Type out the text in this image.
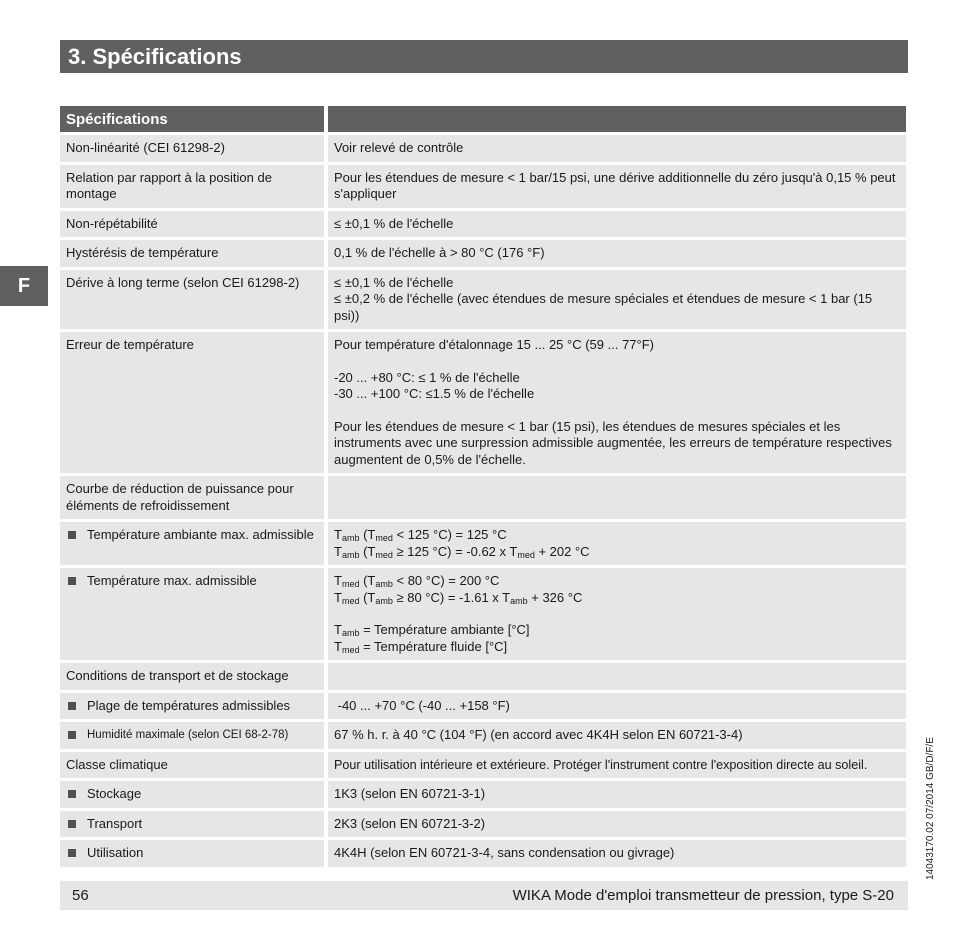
3. Spécifications
F
Spécifications	
Non-linéarité (CEI 61298-2)	Voir relevé de contrôle
Relation par rapport à la position de montage	Pour les étendues de mesure < 1 bar/15 psi, une dérive additionnelle du zéro jusqu'à 0,15 % peut s'appliquer
Non-répétabilité	≤ ±0,1 % de l'échelle
Hystérésis de température	0,1 % de l'échelle à > 80 °C (176 °F)
Dérive à long terme (selon CEI 61298-2)	≤ ±0,1 % de l'échelle
≤ ±0,2 % de l'échelle (avec étendues de mesure spéciales et étendues de mesure < 1 bar (15 psi))

Erreur de température	Pour température d'étalonnage 15 ... 25 °C (59 ... 77°F)
-20 ... +80 °C: ≤ 1 % de l'échelle
-30 ... +100 °C: ≤1.5 % de l'échelle
Pour les étendues de mesure < 1 bar (15 psi), les étendues de mesures spéciales et les instruments avec une surpression admissible augmentée, les erreurs de température respectives augmentent de 0,5% de l'échelle.

Courbe de réduction de puissance pour éléments de refroidissement	

Température ambiante max. admissible	$T_{amb}$ ($T_{med} < 125$ °C) = 125 °C
$T_{amb}$ ($T_{med} \ge 125$ °C) = -0.62 x $T_{med} + 202$ °C

Température max. admissible	$T_{med}$ ($T_{amb} < 80$ °C) = 200 °C
$T_{med}$ ($T_{amb} \ge 80$ °C) = -1.61 x $T_{amb} + 326$ °C
$T_{amb}$ = Température ambiante [°C]
$T_{med}$ = Température fluide [°C]

Conditions de transport et de stockage	

Plage de températures admissibles	-40 ... +70 °C (-40 ... +158 °F)

Humidité maximale (selon CEI 68-2-78)	67 % h. r. à 40 °C (104 °F) (en accord avec 4K4H selon EN 60721-3-4)
Classe climatique	Pour utilisation intérieure et extérieure. Protéger l'instrument contre l'exposition directe au soleil.

Stockage	1K3 (selon EN 60721-3-1)

Transport	2K3 (selon EN 60721-3-2)

Utilisation	4K4H (selon EN 60721-3-4, sans condensation ou givrage)
56	WIKA Mode d'emploi transmetteur de pression, type S-20
14043170.02 07/2014 GB/D/F/E
